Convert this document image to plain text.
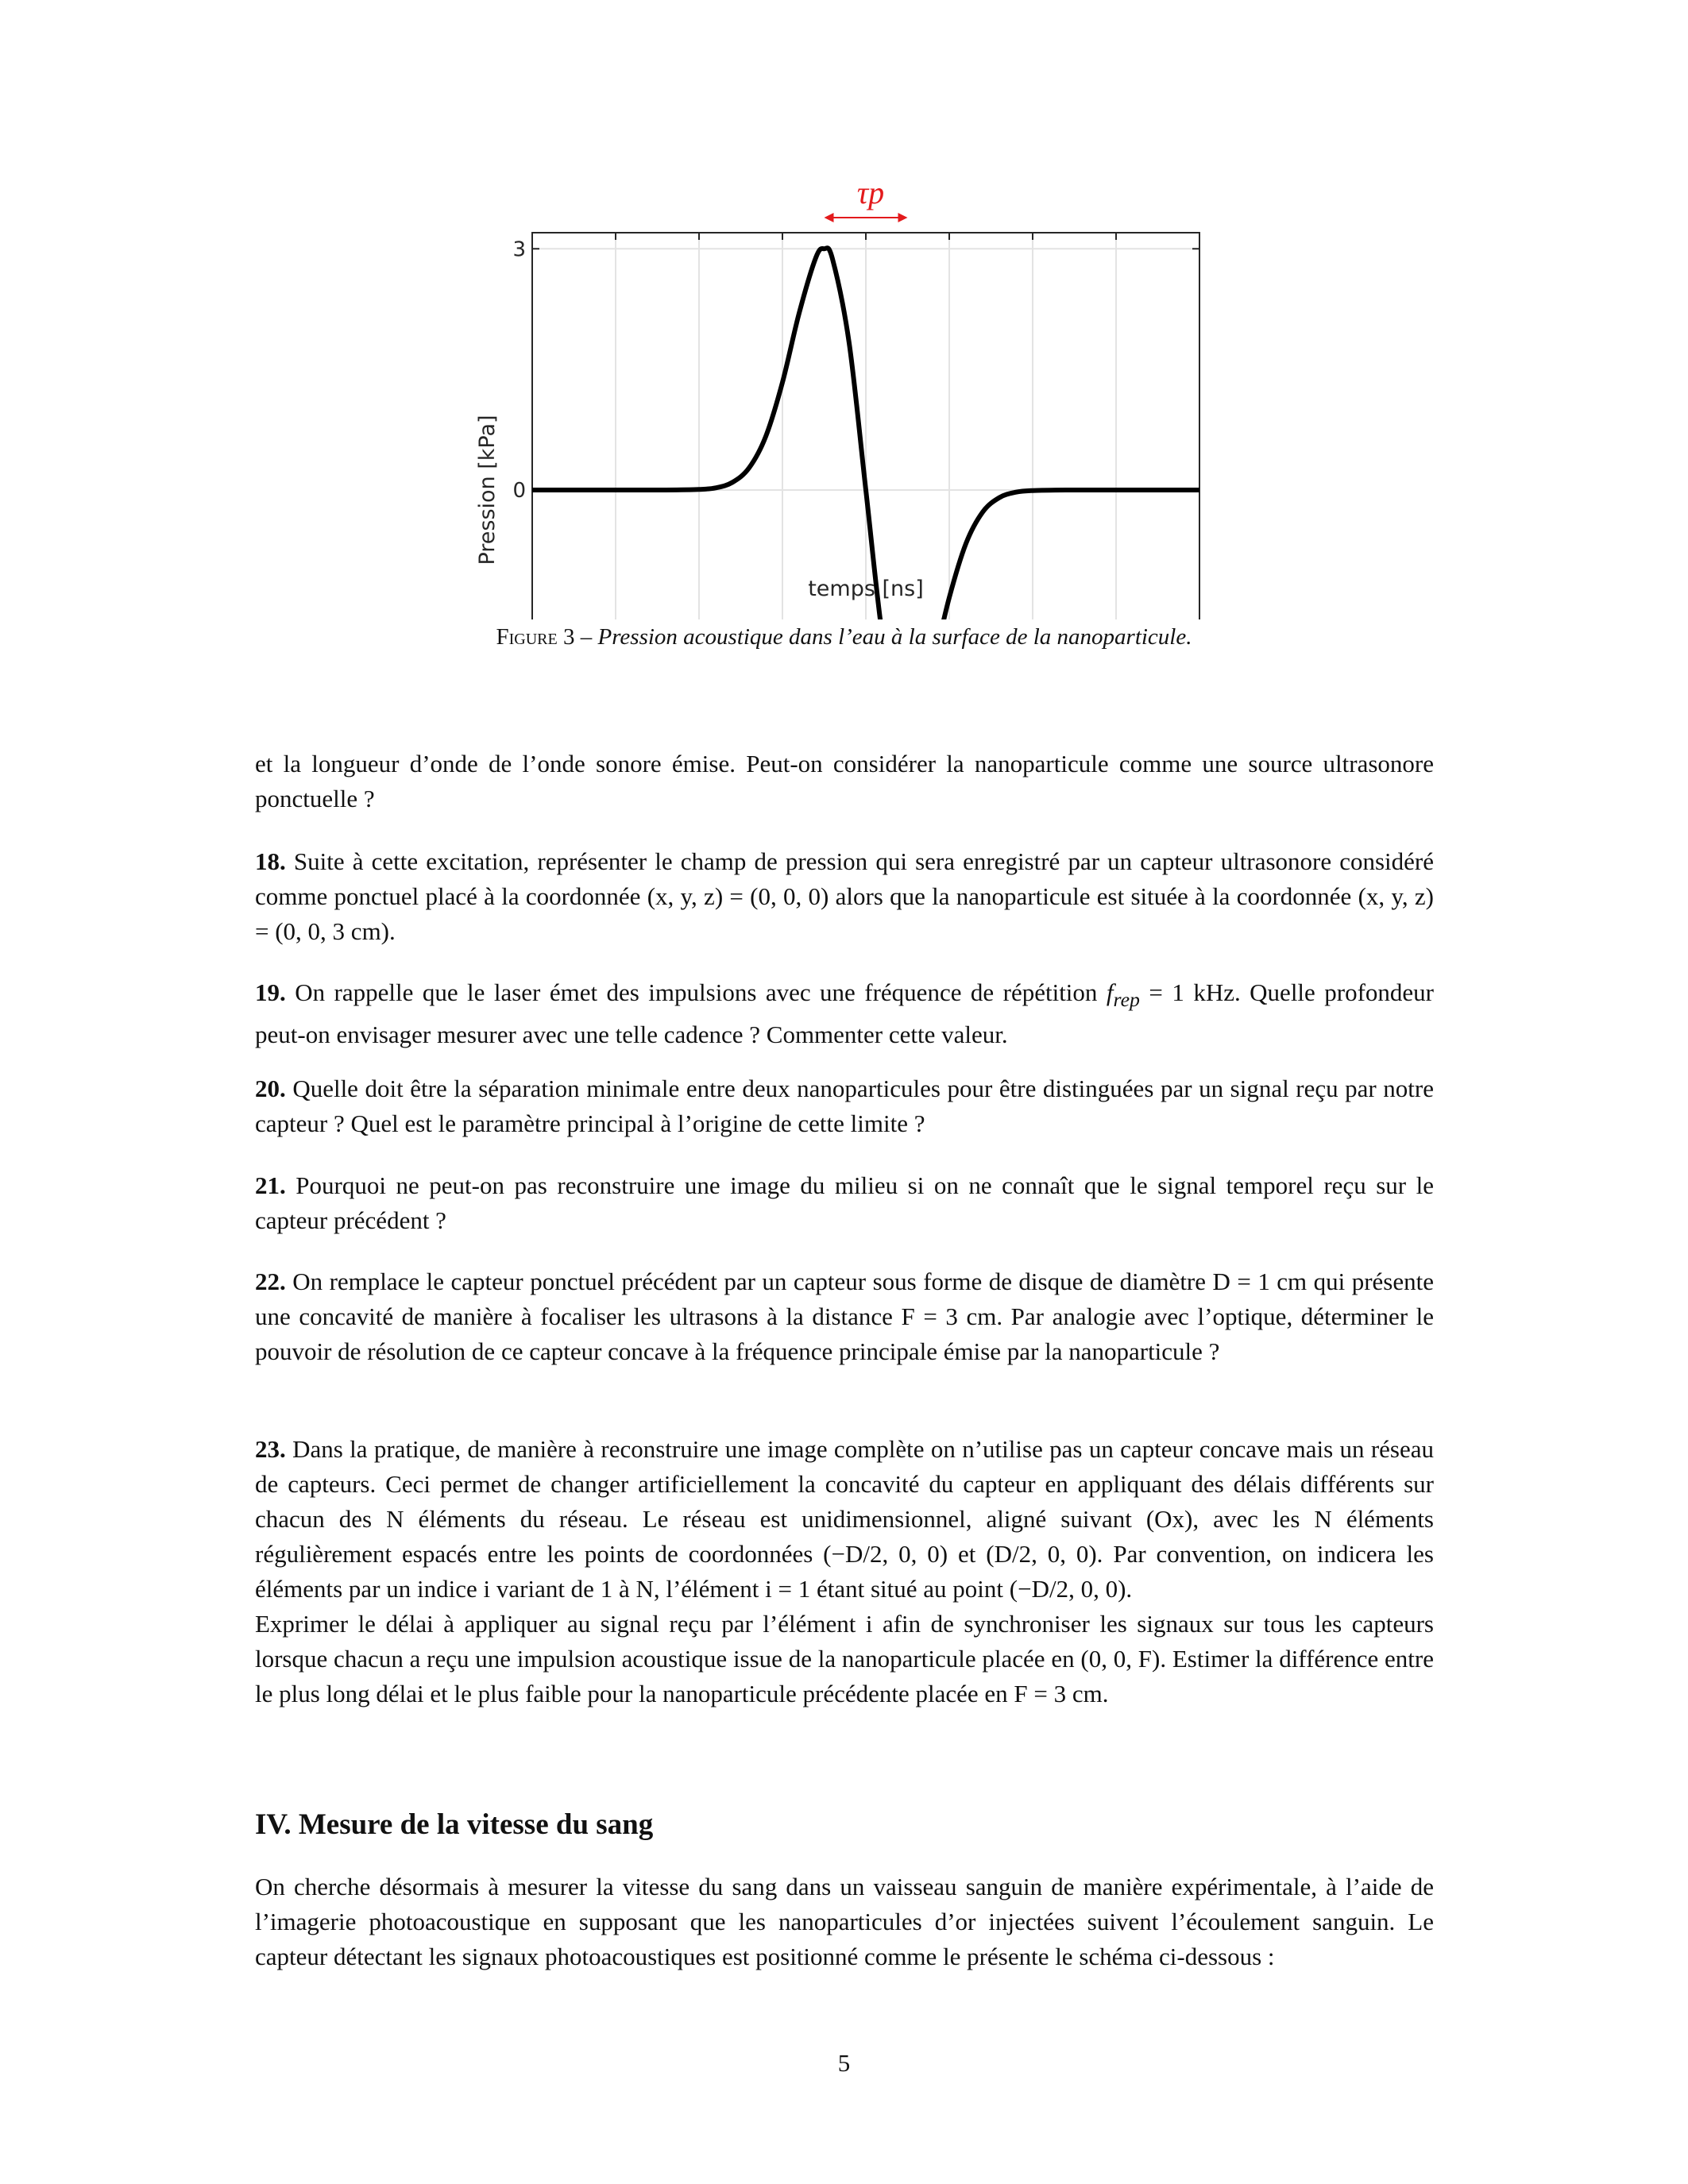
0
3
τp
temps [ns]
Pression [kPa]
Figure 3 – Pression acoustique dans l’eau à la surface de la nanoparticule.
et la longueur d’onde de l’onde sonore émise. Peut-on considérer la nanoparticule comme une source ultrasonore ponctuelle ?
18. Suite à cette excitation, représenter le champ de pression qui sera enregistré par un capteur ultrasonore considéré comme ponctuel placé à la coordonnée (x, y, z) = (0, 0, 0) alors que la nanoparticule est située à la coordonnée (x, y, z) = (0, 0, 3 cm).
19. On rappelle que le laser émet des impulsions avec une fréquence de répétition $f_{rep} = 1$ kHz. Quelle profondeur peut-on envisager mesurer avec une telle cadence ? Commenter cette valeur.
20. Quelle doit être la séparation minimale entre deux nanoparticules pour être distinguées par un signal reçu par notre capteur ? Quel est le paramètre principal à l’origine de cette limite ?
21. Pourquoi ne peut-on pas reconstruire une image du milieu si on ne connaît que le signal temporel reçu sur le capteur précédent ?
22. On remplace le capteur ponctuel précédent par un capteur sous forme de disque de diamètre D = 1 cm qui présente une concavité de manière à focaliser les ultrasons à la distance F = 3 cm. Par analogie avec l’optique, déterminer le pouvoir de résolution de ce capteur concave à la fréquence principale émise par la nanoparticule ?
23. Dans la pratique, de manière à reconstruire une image complète on n’utilise pas un capteur concave mais un réseau de capteurs. Ceci permet de changer artificiellement la concavité du capteur en appliquant des délais différents sur chacun des N éléments du réseau. Le réseau est unidimensionnel, aligné suivant (Ox), avec les N éléments régulièrement espacés entre les points de coordonnées (−D/2, 0, 0) et (D/2, 0, 0). Par convention, on indicera les éléments par un indice i variant de 1 à N, l’élément i = 1 étant situé au point (−D/2, 0, 0).
Exprimer le délai à appliquer au signal reçu par l’élément i afin de synchroniser les signaux sur tous les capteurs lorsque chacun a reçu une impulsion acoustique issue de la nanoparticule placée en (0, 0, F). Estimer la différence entre le plus long délai et le plus faible pour la nanoparticule précédente placée en F = 3 cm.
IV. Mesure de la vitesse du sang
On cherche désormais à mesurer la vitesse du sang dans un vaisseau sanguin de manière expérimentale, à l’aide de l’imagerie photoacoustique en supposant que les nanoparticules d’or injectées suivent l’écoulement sanguin. Le capteur détectant les signaux photoacoustiques est positionné comme le présente le schéma ci-dessous :
5
